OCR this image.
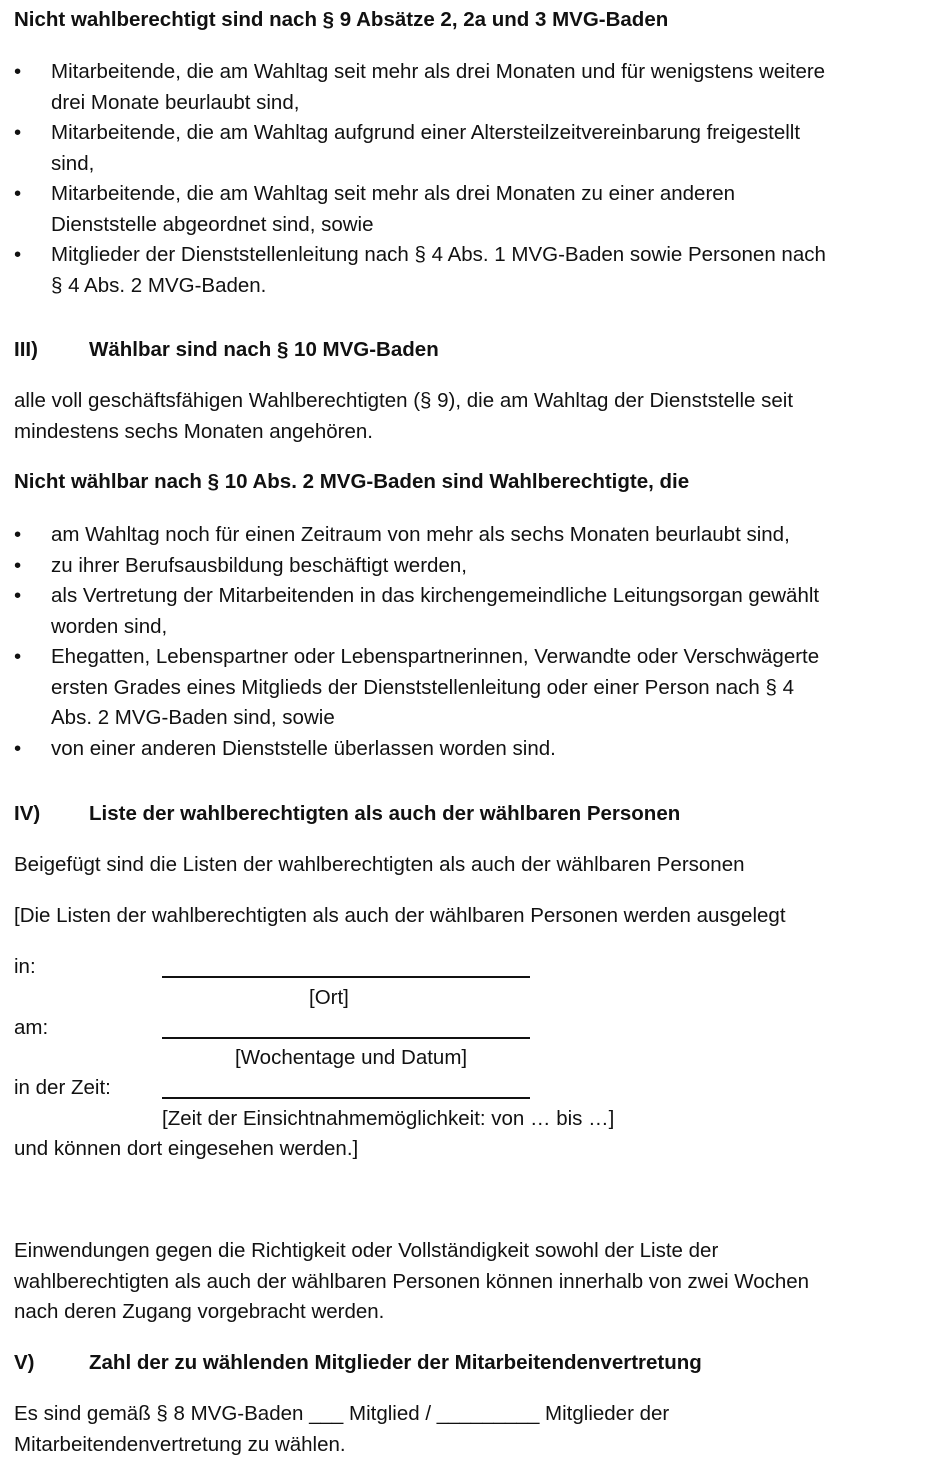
Nicht wahlberechtigt sind nach § 9 Absätze 2, 2a und 3 MVG-Baden

• Mitarbeitende, die am Wahltag seit mehr als drei Monaten und für wenigstens weitere
drei Monate beurlaubt sind,
• Mitarbeitende, die am Wahltag aufgrund einer Altersteilzeitvereinbarung freigestellt
sind,
• Mitarbeitende, die am Wahltag seit mehr als drei Monaten zu einer anderen
Dienststelle abgeordnet sind, sowie
• Mitglieder der Dienststellenleitung nach § 4 Abs. 1 MVG-Baden sowie Personen nach
§ 4 Abs. 2 MVG-Baden.

III) Wählbar sind nach § 10 MVG-Baden

alle voll geschäftsfähigen Wahlberechtigten (§ 9), die am Wahltag der Dienststelle seit
mindestens sechs Monaten angehören.

Nicht wählbar nach § 10 Abs. 2 MVG-Baden sind Wahlberechtigte, die

• am Wahltag noch für einen Zeitraum von mehr als sechs Monaten beurlaubt sind,
• zu ihrer Berufsausbildung beschäftigt werden,
• als Vertretung der Mitarbeitenden in das kirchengemeindliche Leitungsorgan gewählt
worden sind,
• Ehegatten, Lebenspartner oder Lebenspartnerinnen, Verwandte oder Verschwägerte
ersten Grades eines Mitglieds der Dienststellenleitung oder einer Person nach § 4
Abs. 2 MVG-Baden sind, sowie
• von einer anderen Dienststelle überlassen worden sind.

IV) Liste der wahlberechtigten als auch der wählbaren Personen

Beigefügt sind die Listen der wahlberechtigten als auch der wählbaren Personen

[Die Listen der wahlberechtigten als auch der wählbaren Personen werden ausgelegt

in:
[Ort]
am:
[Wochentage und Datum]
in der Zeit:
[Zeit der Einsichtnahmemöglichkeit: von … bis …]

und können dort eingesehen werden.]

Einwendungen gegen die Richtigkeit oder Vollständigkeit sowohl der Liste der
wahlberechtigten als auch der wählbaren Personen können innerhalb von zwei Wochen
nach deren Zugang vorgebracht werden.

V)	Zahl der zu wählenden Mitglieder der Mitarbeitendenvertretung

Es sind gemäß § 8 MVG-Baden ___ Mitglied / _________ Mitglieder der
Mitarbeitendenvertretung zu wählen.
